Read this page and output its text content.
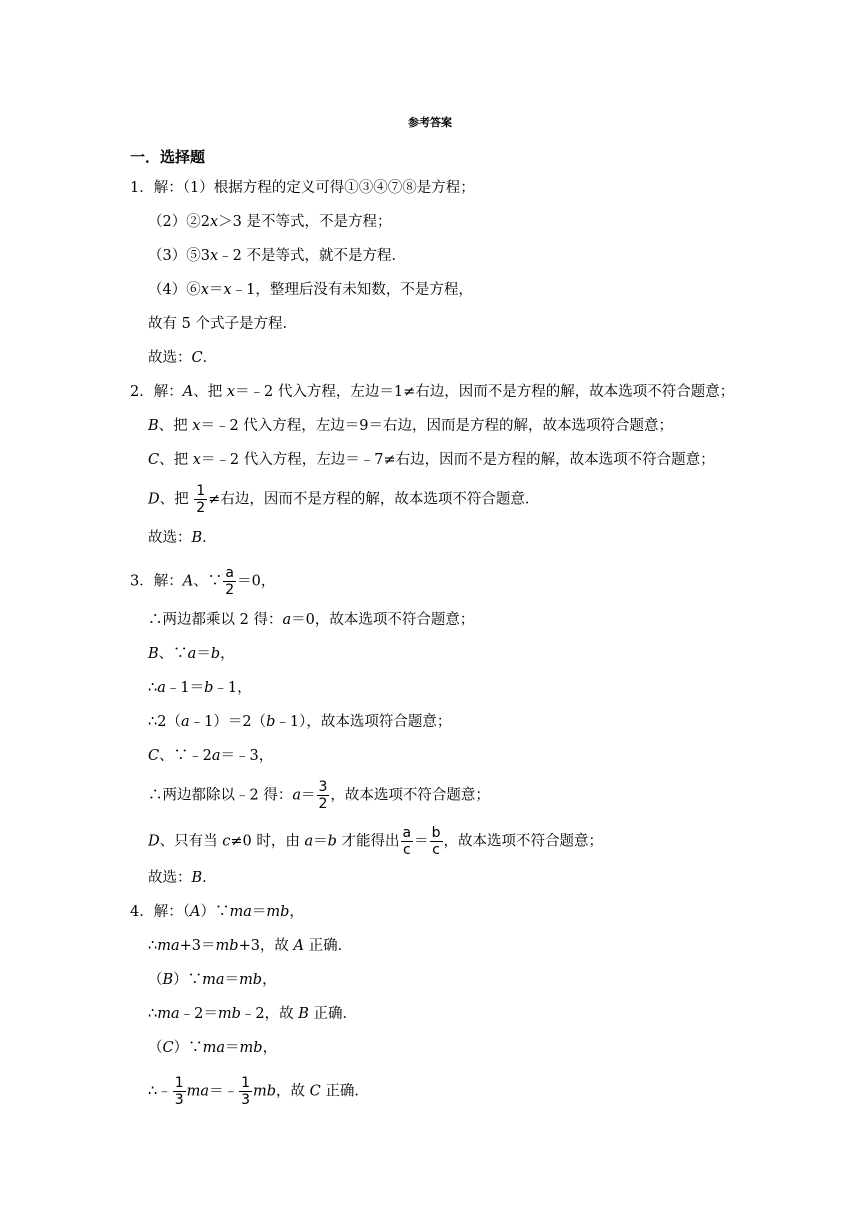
参考答案
一．选择题
1．解：（1）根据方程的定义可得①③④⑦⑧是方程；
（2）②2x＞3 是不等式，不是方程；
（3）⑤3x﹣2 不是等式，就不是方程．
（4）⑥x＝x﹣1，整理后没有未知数，不是方程，
故有 5 个式子是方程．
故选：C．
2．解：A、把 x＝﹣2 代入方程，左边＝1≠右边，因而不是方程的解，故本选项不符合题意；
B、把 x＝﹣2 代入方程，左边＝9＝右边，因而是方程的解，故本选项符合题意；
C、把 x＝﹣2 代入方程，左边＝﹣7≠右边，因而不是方程的解，故本选项不符合题意；
D、把 $\frac{1}{2}$ ≠右边，因而不是方程的解，故本选项不符合题意．
故选：B．
3．解：A、∵ $\frac{a}{2} =0$，
∴两边都乘以 2 得：a＝0，故本选项不符合题意；
B、∵a＝b，
∴a﹣1＝b﹣1，
∴2（a﹣1）＝2（b﹣1），故本选项符合题意；
C、∵﹣2a＝﹣3，
∴两边都除以﹣2 得：$a= \frac{3}{2}$ ，故本选项不符合题意；
D、只有当 c≠0 时，由 a＝b 才能得出 $\frac{a}{c} = \frac{b}{c}$ ，故本选项不符合题意；
故选：B．
4．解：（A）∵ma＝mb，
∴ma+3＝mb+3，故 A 正确．
（B）∵ma＝mb，
∴ma﹣2＝mb﹣2，故 B 正确．
（C）∵ma＝mb，
∴﹣ $\frac{1}{3}$ ma＝﹣ $\frac{1}{3}$ mb，故 C 正确．
